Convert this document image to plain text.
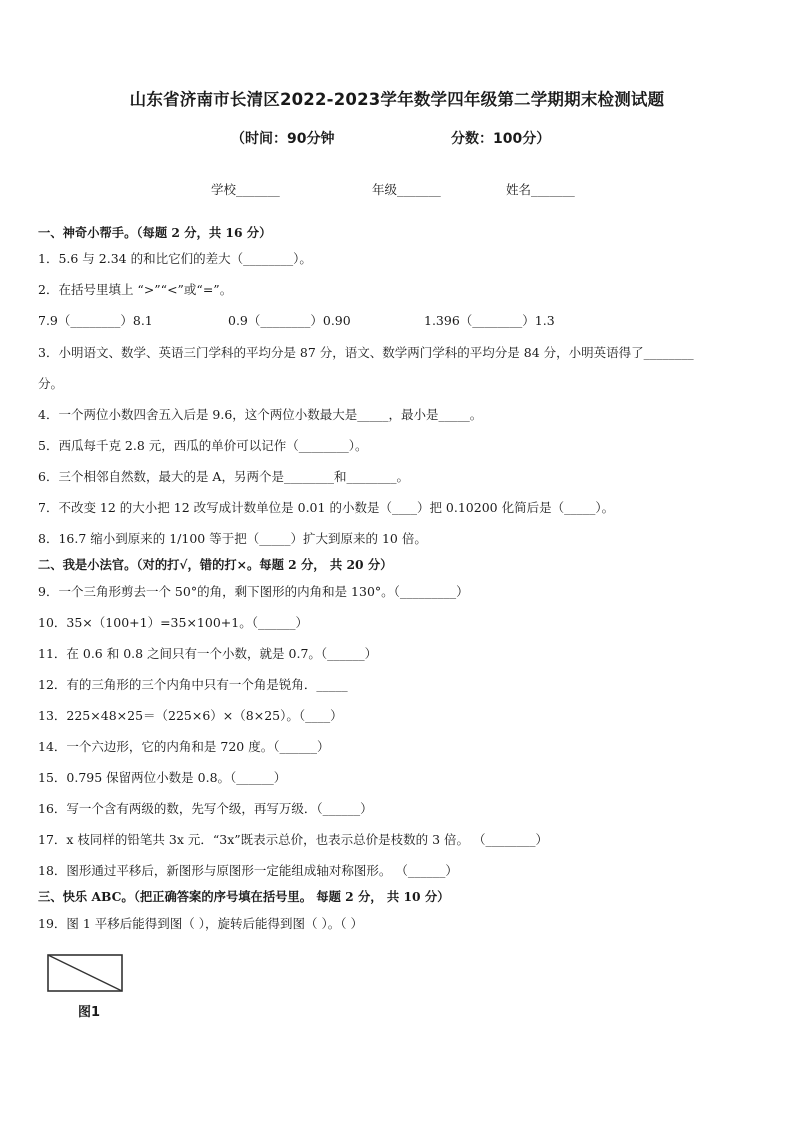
山东省济南市长清区2022-2023学年数学四年级第二学期期末检测试题
（时间：90分钟	分数：100分）
学校_______	年级_______	姓名_______
一、神奇小帮手。（每题 2 分，共 16 分）
1．5.6 与 2.34 的和比它们的差大（________）。
2．在括号里填上 “>”“<”或“=”。
7.9（________）8.1	0.9（________）0.90	1.396（________）1.3
3．小明语文、数学、英语三门学科的平均分是 87 分，语文、数学两门学科的平均分是 84 分，小明英语得了________
分。
4．一个两位小数四舍五入后是 9.6，这个两位小数最大是_____，最小是_____。
5．西瓜每千克 2.8 元，西瓜的单价可以记作（________）。
6．三个相邻自然数，最大的是 A，另两个是________和________。
7．不改变 12 的大小把 12 改写成计数单位是 0.01 的小数是（____）把 0.10200 化简后是（_____）。
8．16.7 缩小到原来的 1/100 等于把（_____）扩大到原来的 10 倍。
二、我是小法官。（对的打√，错的打×。每题 2 分， 共 20 分）
9．一个三角形剪去一个 50°的角，剩下图形的内角和是 130°。（_________）
10．35×（100+1）=35×100+1。（______）
11．在 0.6 和 0.8 之间只有一个小数，就是 0.7。（______）
12．有的三角形的三个内角中只有一个角是锐角．_____
13．225×48×25＝（225×6）×（8×25）。（____）
14．一个六边形，它的内角和是 720 度。（______）
15．0.795 保留两位小数是 0.8。（______）
16．写一个含有两级的数，先写个级，再写万级．（______）
17．x 枝同样的铅笔共 3x 元．“3x”既表示总价，也表示总价是枝数的 3 倍。 （________）
18．图形通过平移后，新图形与原图形一定能组成轴对称图形。 （______）
三、快乐 ABC。（把正确答案的序号填在括号里。 每题 2 分， 共 10 分）
19．图 1 平移后能得到图（ ），旋转后能得到图（ ）。（ ）
图1
